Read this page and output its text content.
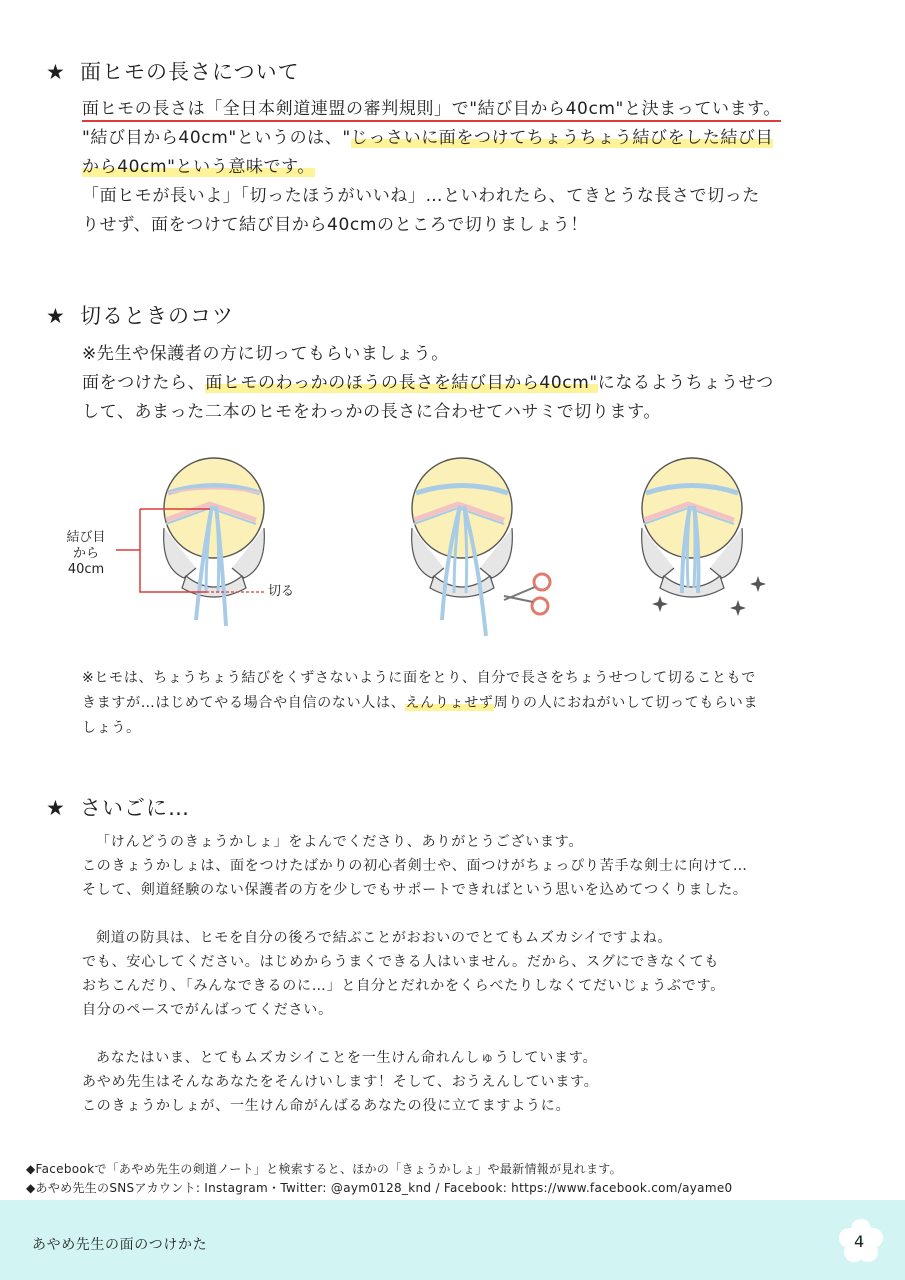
★ 面ヒモの長さについて
面ヒモの長さは「全日本剣道連盟の審判規則」で"結び目から40cm"と決まっています。
"結び目から40cm"というのは、"じっさいに面をつけてちょうちょう結びをした結び目
から40cm"という意味です。
「面ヒモが長いよ」「切ったほうがいいね」…といわれたら、てきとうな長さで切った
りせず、面をつけて結び目から40cmのところで切りましょう！
★ 切るときのコツ
※先生や保護者の方に切ってもらいましょう。
面をつけたら、面ヒモのわっかのほうの長さを結び目から40cm"になるようちょうせつ
して、あまった二本のヒモをわっかの長さに合わせてハサミで切ります。
結び目
から
40cm
切る
※ヒモは、ちょうちょう結びをくずさないように面をとり、自分で長さをちょうせつして切ることもで
きますが…はじめてやる場合や自信のない人は、えんりょせず周りの人におねがいして切ってもらいま
しょう。
★ さいごに…
「けんどうのきょうかしょ」をよんでくださり、ありがとうございます。
このきょうかしょは、面をつけたばかりの初心者剣士や、面つけがちょっぴり苦手な剣士に向けて…
そして、剣道経験のない保護者の方を少しでもサポートできればという思いを込めてつくりました。
剣道の防具は、ヒモを自分の後ろで結ぶことがおおいのでとてもムズカシイですよね。
でも、安心してください。はじめからうまくできる人はいません。だから、スグにできなくても
おちこんだり、「みんなできるのに…」と自分とだれかをくらべたりしなくてだいじょうぶです。
自分のペースでがんばってください。
あなたはいま、とてもムズカシイことを一生けん命れんしゅうしています。
あやめ先生はそんなあなたをそんけいします！そして、おうえんしています。
このきょうかしょが、一生けん命がんばるあなたの役に立てますように。
◆Facebookで「あやめ先生の剣道ノート」と検索すると、ほかの「きょうかしょ」や最新情報が見れます。
◆あやめ先生のSNSアカウント: Instagram・Twitter: @aym0128_knd / Facebook: https://www.facebook.com/ayame0
あやめ先生の面のつけかた	4
